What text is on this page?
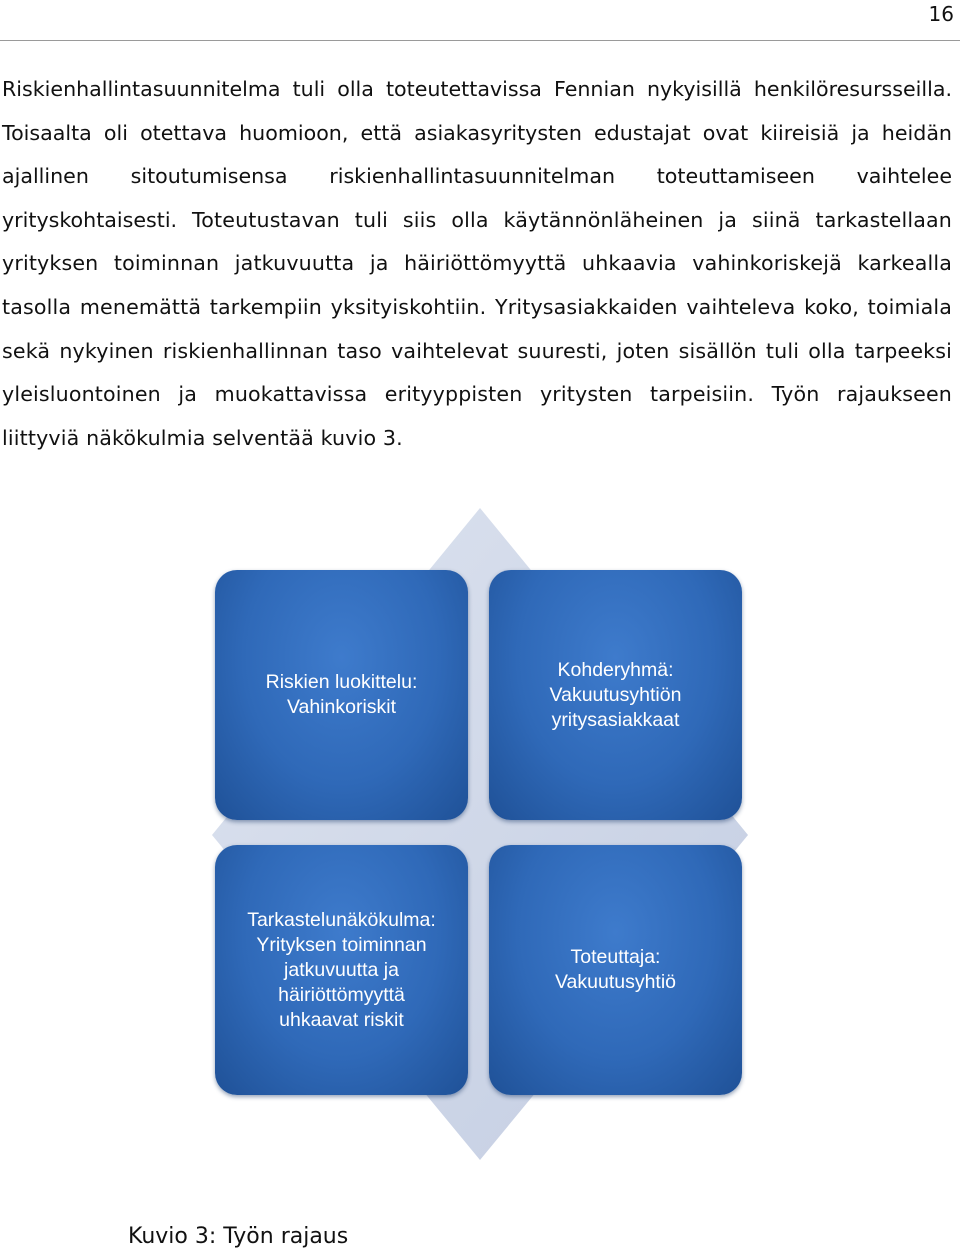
16

Riskienhallintasuunnitelma tuli olla toteutettavissa Fennian nykyisillä henkilöresursseilla. Toisaalta oli otettava huomioon, että asiakasyritysten edustajat ovat kiireisiä ja heidän ajallinen sitoutumisensa riskienhallintasuunnitelman toteuttamiseen vaihtelee yrityskohtaisesti. Toteutustavan tuli siis olla käytännönläheinen ja siinä tarkastellaan yrityksen toiminnan jatkuvuutta ja häiriöttömyyttä uhkaavia vahinkoriskejä karkealla tasolla menemättä tarkempiin yksityiskohtiin. Yritysasiakkaiden vaihteleva koko, toimiala sekä nykyinen riskienhallinnan taso vaihtelevat suuresti, joten sisällön tuli olla tarpeeksi yleisluontoinen ja muokattavissa erityyppisten yritysten tarpeisiin. Työn rajaukseen liittyviä näkökulmia selventää kuvio 3.

Riskien luokittelu:
Vahinkoriskit
Kohderyhmä:
Vakuutusyhtiön
yritysasiakkaat
Tarkastelunäkökulma:
Yrityksen toiminnan
jatkuvuutta ja
häiriöttömyyttä
uhkaavat riskit
Toteuttaja:
Vakuutusyhtiö

Kuvio 3: Työn rajaus
